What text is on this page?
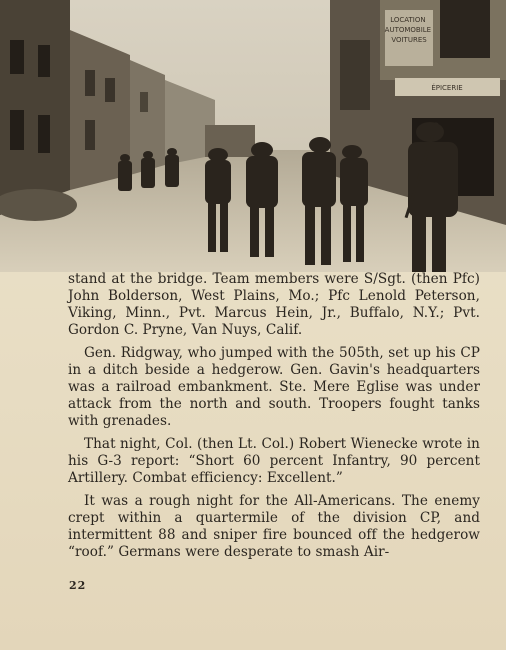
LOCATION AUTOMOBILE VOITURES
ÉPICERIE

stand at the bridge. Team members were S/Sgt. (then Pfc) John Bolderson, West Plains, Mo.; Pfc Lenold Peterson, Viking, Minn., Pvt. Marcus Hein, Jr., Buffalo, N.Y.; Pvt. Gordon C. Pryne, Van Nuys, Calif.

Gen. Ridgway, who jumped with the 505th, set up his CP in a ditch beside a hedgerow. Gen. Gavin's headquarters was a railroad embankment. Ste. Mere Eglise was under attack from the north and south. Troopers fought tanks with grenades.

That night, Col. (then Lt. Col.) Robert Wienecke wrote in his G-3 report: “Short 60 percent Infantry, 90 percent Artillery. Combat efficiency: Excellent.”

It was a rough night for the All-Americans. The enemy crept within a quartermile of the division CP, and intermittent 88 and sniper fire bounced off the hedgerow “roof.” Germans were desperate to smash Air-

22
